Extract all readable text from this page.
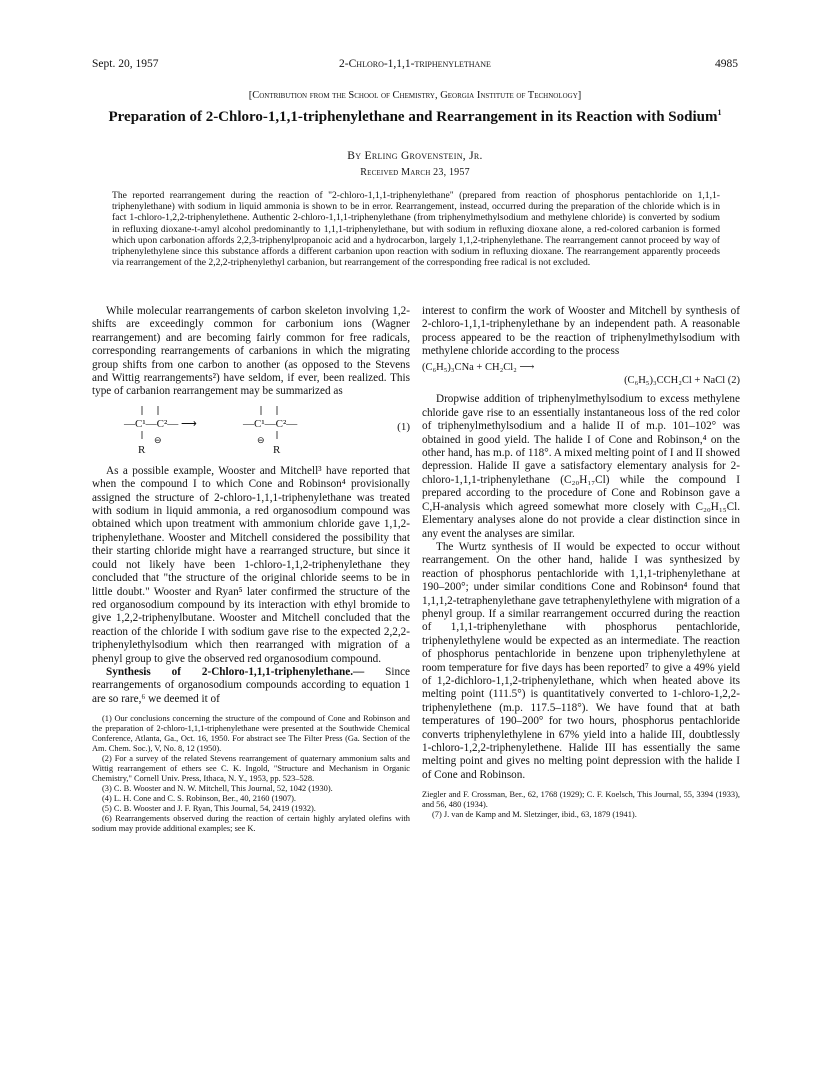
Sept. 20, 1957	2-Chloro-1,1,1-triphenylethane	4985
[Contribution from the School of Chemistry, Georgia Institute of Technology]
Preparation of 2-Chloro-1,1,1-triphenylethane and Rearrangement in its Reaction with Sodium$^1$
By Erling Grovenstein, Jr.
Received March 23, 1957
The reported rearrangement during the reaction of "2-chloro-1,1,1-triphenylethane" (prepared from reaction of phosphorus pentachloride on 1,1,1-triphenylethane) with sodium in liquid ammonia is shown to be in error. Rearrangement, instead, occurred during the preparation of the chloride which is in fact 1-chloro-1,2,2-triphenylethene. Authentic 2-chloro-1,1,1-triphenylethane (from triphenylmethylsodium and methylene chloride) is converted by sodium in refluxing dioxane-t-amyl alcohol predominantly to 1,1,1-triphenylethane, but with sodium in refluxing dioxane alone, a red-colored carbanion is formed which upon carbonation affords 2,2,3-triphenylpropanoic acid and a hydrocarbon, largely 1,1,2-triphenylethane. The rearrangement cannot proceed by way of triphenylethylene since this substance affords a different carbanion upon reaction with sodium in refluxing dioxane. The rearrangement apparently proceeds via rearrangement of the 2,2,2-triphenylethyl carbanion, but rearrangement of the corresponding free radical is not excluded.

While molecular rearrangements of carbon skeleton involving 1,2-shifts are exceedingly common for carbonium ions (Wagner rearrangement) and are becoming fairly common for free radicals, corresponding rearrangements of carbanions in which the migrating group shifts from one carbon to another (as opposed to the Stevens and Wittig rearrangements²) have seldom, if ever, been realized. This type of carbanion rearrangement may be summarized as

—C¹—C²— ⟶
R
⊖
—C¹—C²—
⊖
R
(1)

As a possible example, Wooster and Mitchell³ have reported that when the compound I to which Cone and Robinson⁴ provisionally assigned the structure of 2-chloro-1,1,1-triphenylethane was treated with sodium in liquid ammonia, a red organosodium compound was obtained which upon treatment with ammonium chloride gave 1,1,2-triphenylethane. Wooster and Mitchell considered the possibility that their starting chloride might have a rearranged structure, but since it could not likely have been 1-chloro-1,1,2-triphenylethane they concluded that "the structure of the original chloride seems to be in little doubt." Wooster and Ryan⁵ later confirmed the structure of the red organosodium compound by its interaction with ethyl bromide to give 1,2,2-triphenylbutane. Wooster and Mitchell concluded that the reaction of the chloride I with sodium gave rise to the expected 2,2,2-triphenylethylsodium which then rearranged with migration of a phenyl group to give the observed red organosodium compound.

Synthesis of 2-Chloro-1,1,1-triphenylethane.— Since rearrangements of organosodium compounds according to equation 1 are so rare,⁶ we deemed it of

(1) Our conclusions concerning the structure of the compound of Cone and Robinson and the preparation of 2-chloro-1,1,1-triphenylethane were presented at the Southwide Chemical Conference, Atlanta, Ga., Oct. 16, 1950. For abstract see The Filter Press (Ga. Section of the Am. Chem. Soc.), V, No. 8, 12 (1950).

(2) For a survey of the related Stevens rearrangement of quaternary ammonium salts and Wittig rearrangement of ethers see C. K. Ingold, "Structure and Mechanism in Organic Chemistry," Cornell Univ. Press, Ithaca, N. Y., 1953, pp. 523–528.

(3) C. B. Wooster and N. W. Mitchell, This Journal, 52, 1042 (1930).

(4) L. H. Cone and C. S. Robinson, Ber., 40, 2160 (1907).

(5) C. B. Wooster and J. F. Ryan, This Journal, 54, 2419 (1932).

(6) Rearrangements observed during the reaction of certain highly arylated olefins with sodium may provide additional examples; see K.

interest to confirm the work of Wooster and Mitchell by synthesis of 2-chloro-1,1,1-triphenylethane by an independent path. A reasonable process appeared to be the reaction of triphenylmethylsodium with methylene chloride according to the process

(C₆H₅)₃CNa + CH₂Cl₂ ⟶
(C₆H₅)₃CCH₂Cl + NaCl (2)

Dropwise addition of triphenylmethylsodium to excess methylene chloride gave rise to an essentially instantaneous loss of the red color of triphenylmethylsodium and a halide II of m.p. 101–102° was obtained in good yield. The halide I of Cone and Robinson,⁴ on the other hand, has m.p. of 118°. A mixed melting point of I and II showed depression. Halide II gave a satisfactory elementary analysis for 2-chloro-1,1,1-triphenylethane (C₂₀H₁₇Cl) while the compound I prepared according to the procedure of Cone and Robinson gave a C,H-analysis which agreed somewhat more closely with C₂₀H₁₅Cl. Elementary analyses alone do not provide a clear distinction since in any event the analyses are similar.

The Wurtz synthesis of II would be expected to occur without rearrangement. On the other hand, halide I was synthesized by reaction of phosphorus pentachloride with 1,1,1-triphenylethane at 190–200°; under similar conditions Cone and Robinson⁴ found that 1,1,1,2-tetraphenylethane gave tetraphenylethylene with migration of a phenyl group. If a similar rearrangement occurred during the reaction of 1,1,1-triphenylethane with phosphorus pentachloride, triphenylethylene would be expected as an intermediate. The reaction of phosphorus pentachloride in benzene upon triphenylethylene at room temperature for five days has been reported⁷ to give a 49% yield of 1,2-dichloro-1,1,2-triphenylethane, which when heated above its melting point (111.5°) is quantitatively converted to 1-chloro-1,2,2-triphenylethene (m.p. 117.5–118°). We have found that at bath temperatures of 190–200° for two hours, phosphorus pentachloride converts triphenylethylene in 67% yield into a halide III, doubtlessly 1-chloro-1,2,2-triphenylethene. Halide III has essentially the same melting point and gives no melting point depression with the halide I of Cone and Robinson.

Ziegler and F. Crossman, Ber., 62, 1768 (1929); C. F. Koelsch, This Journal, 55, 3394 (1933), and 56, 480 (1934).

(7) J. van de Kamp and M. Sletzinger, ibid., 63, 1879 (1941).
